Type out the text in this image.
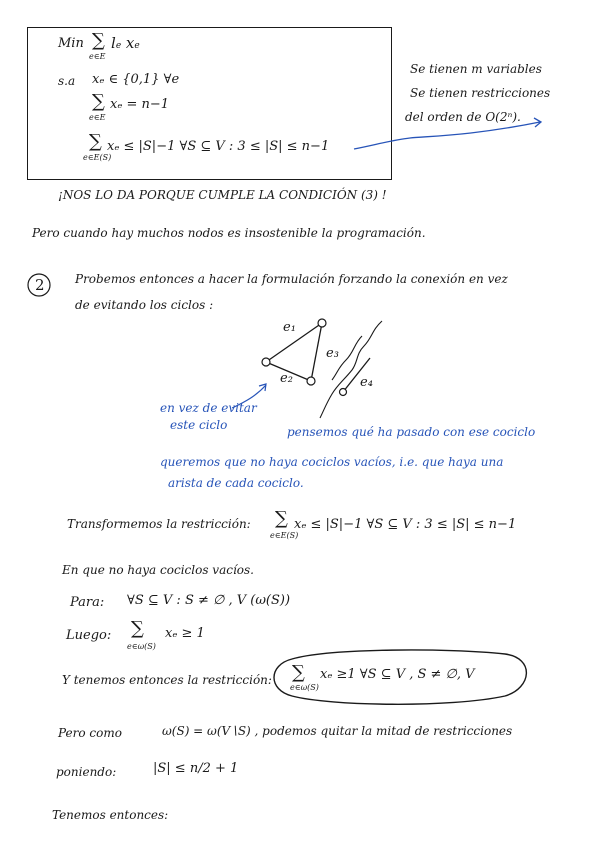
Min ∑ le xe
e∈E
s.a xₑ ∈ {0,1} ∀e
∑ xₑ = n−1
e∈E
∑ xₑ ≤ |S|−1 ∀S ⊆ V : 3 ≤ |S| ≤ n−1
e∈E(S)
Se tienen m variables
Se tienen restricciones
del orden de O(2ⁿ).
¡NOS LO DA PORQUE CUMPLE LA CONDICIÓN (3) !
Pero cuando hay muchos nodos es insostenible la programación.
2	Probemos entonces a hacer la formulación forzando la conexión en vez
de evitando los ciclos :
e₁
e₃
e₂	e₄
en vez de evitar
este ciclo	pensemos qué ha pasado con ese cociclo
queremos que no haya cociclos vacíos, i.e. que haya una
arista de cada cociclo.
Transformemos la restricción: ∑ xₑ ≤ |S|−1 ∀S ⊆ V : 3 ≤ |S| ≤ n−1
e∈E(S)
En que no haya cociclos vacíos.
Para: ∀S ⊆ V : S ≠ ∅ , V (ω(S))
Luego: ∑ xₑ ≥ 1
e∈ω(S)
Y tenemos entonces la restricción: ∑ xₑ ≥1 ∀S ⊆ V , S ≠ ∅, V
e∈ω(S)
Pero como	ω(S) = ω(V∖S) , podemos quitar la mitad de restricciones
poniendo:	|S| ≤ n/2 + 1
Tenemos entonces:
